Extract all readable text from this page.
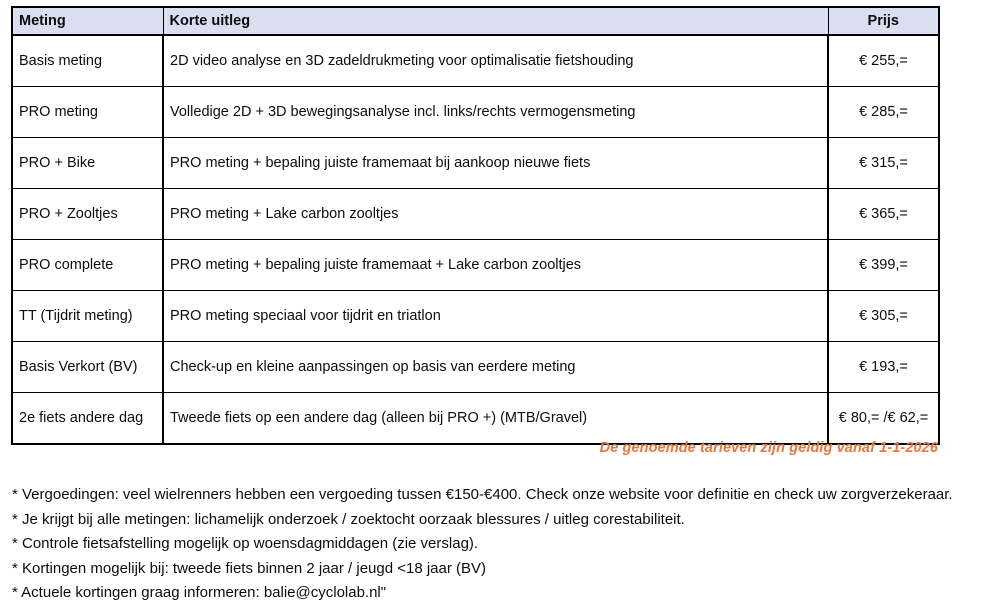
Meting	Korte uitleg	Prijs
Basis meting	2D video analyse en 3D zadeldrukmeting voor optimalisatie fietshouding	€ 255,=
PRO meting	Volledige 2D + 3D bewegingsanalyse incl. links/rechts vermogensmeting	€ 285,=
PRO + Bike	PRO meting + bepaling juiste framemaat bij aankoop nieuwe fiets	€ 315,=
PRO + Zooltjes	PRO meting + Lake carbon zooltjes	€ 365,=
PRO complete	PRO meting + bepaling juiste framemaat + Lake carbon zooltjes	€ 399,=
TT (Tijdrit meting)	PRO meting speciaal voor tijdrit en triatlon	€ 305,=
Basis Verkort (BV)	Check-up en kleine aanpassingen op basis van eerdere meting	€ 193,=
2e fiets andere dag	Tweede fiets op een andere dag (alleen bij PRO +) (MTB/Gravel)	€ 80,= /€ 62,=
De genoemde tarieven zijn geldig vanaf 1-1-2026
* Vergoedingen: veel wielrenners hebben een vergoeding tussen €150-€400. Check onze website voor definitie en check uw zorgverzekeraar.
* Je krijgt bij alle metingen: lichamelijk onderzoek / zoektocht oorzaak blessures / uitleg corestabiliteit.
* Controle fietsafstelling mogelijk op woensdagmiddagen (zie verslag).
* Kortingen mogelijk bij: tweede fiets binnen 2 jaar / jeugd <18 jaar (BV)
* Actuele kortingen graag informeren: balie@cyclolab.nl"
